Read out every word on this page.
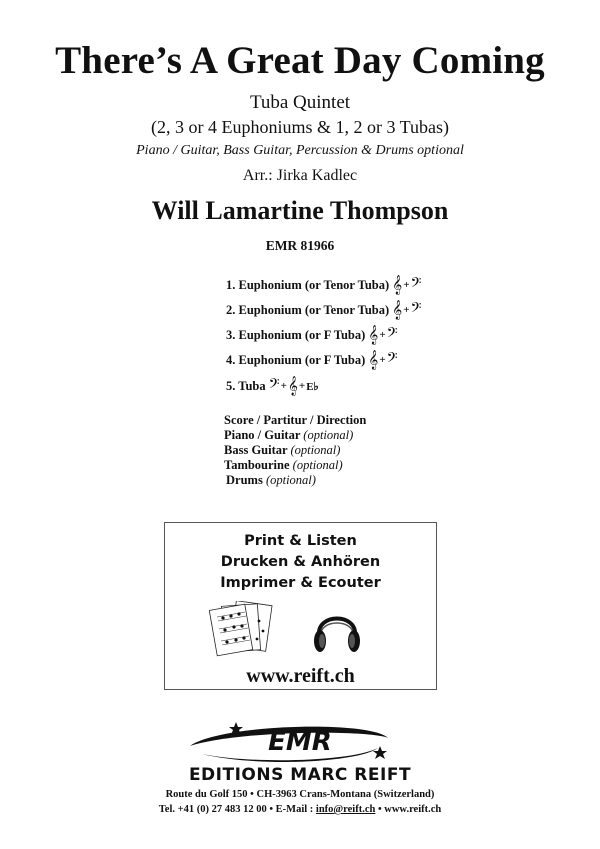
There’s A Great Day Coming
Tuba Quintet
(2, 3 or 4 Euphoniums & 1, 2 or 3 Tubas)
Piano / Guitar, Bass Guitar, Percussion & Drums optional
Arr.: Jirka Kadlec
Will Lamartine Thompson
EMR 81966
1. Euphonium (or Tenor Tuba) 𝄞 + 𝄢
2. Euphonium (or Tenor Tuba) 𝄞 + 𝄢
3. Euphonium (or F Tuba) 𝄞 + 𝄢
4. Euphonium (or F Tuba) 𝄞 + 𝄢
5. Tuba 𝄢 + 𝄞 + E♭
Score / Partitur / Direction
Piano / Guitar (optional)
Bass Guitar (optional)
Tambourine (optional)
Drums (optional)
Print & Listen
Drucken & Anhören
Imprimer & Ecouter
www.reift.ch
EMR
EDITIONS MARC REIFT
Route du Golf 150 • CH-3963 Crans-Montana (Switzerland)
Tel. +41 (0) 27 483 12 00 • E-Mail : info@reift.ch • www.reift.ch
